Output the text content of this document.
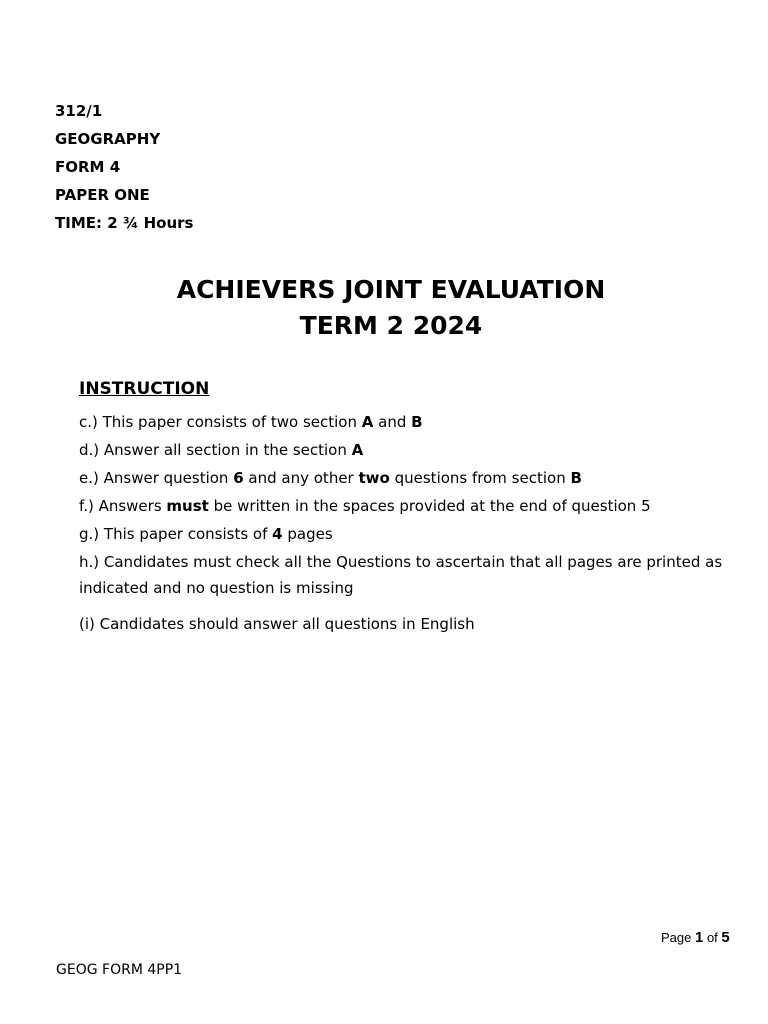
312/1
GEOGRAPHY
FORM 4
PAPER ONE
TIME: 2 ¾ Hours
ACHIEVERS JOINT EVALUATION
TERM 2 2024
INSTRUCTION
c.) This paper consists of two section A and B
d.) Answer all section in the section A
e.) Answer question 6 and any other two questions from section B
f.) Answers must be written in the spaces provided at the end of question 5
g.) This paper consists of 4 pages
h.) Candidates must check all the Questions to ascertain that all pages are printed as indicated and no question is missing
(i) Candidates should answer all questions in English
Page 1 of 5
GEOG FORM 4PP1
